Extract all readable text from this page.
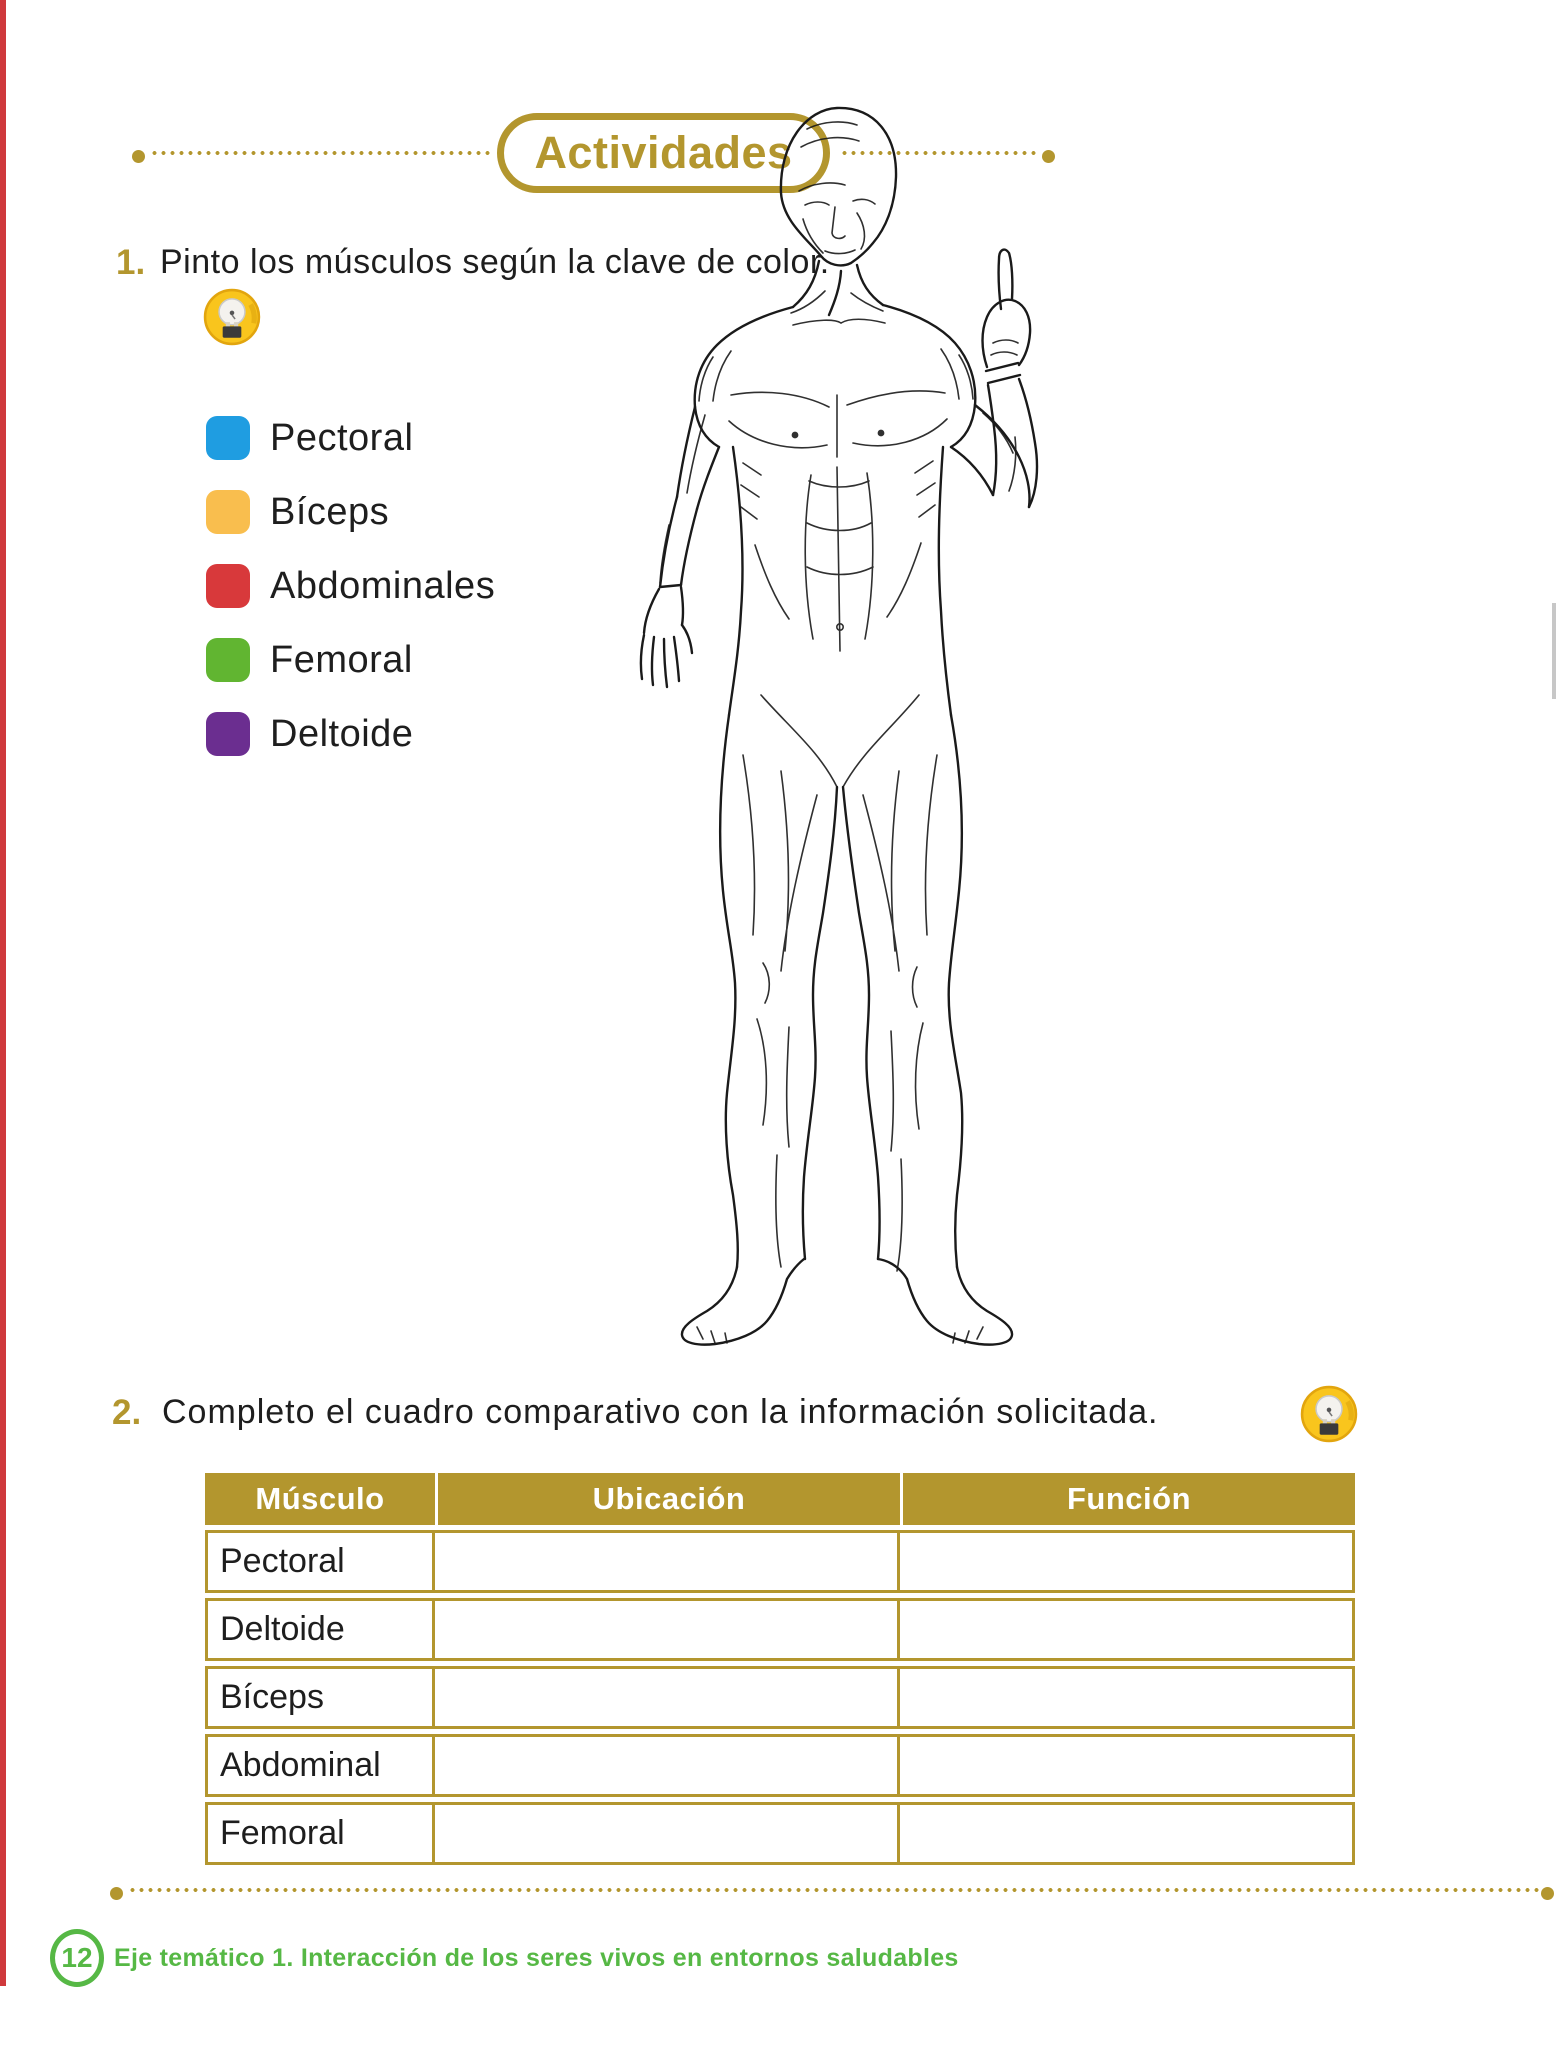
Actividades
1. Pinto los músculos según la clave de color.
Pectoral
Bíceps
Abdominales
Femoral
Deltoide
2. Completo el cuadro comparativo con la información solicitada.
Músculo	Ubicación	Función
Pectoral
Deltoide
Bíceps
Abdominal
Femoral
12 Eje temático 1. Interacción de los seres vivos en entornos saludables
